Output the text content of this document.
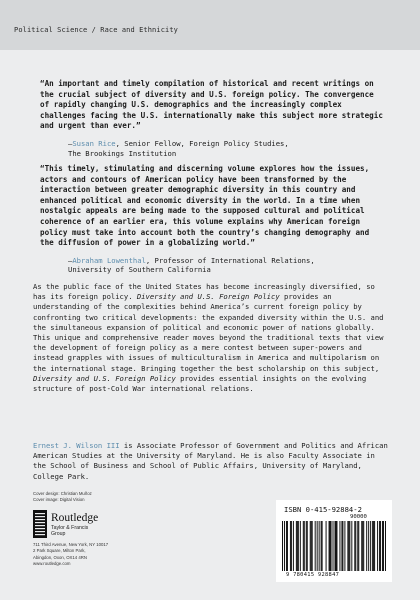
Political Science / Race and Ethnicity

“An important and timely compilation of historical and recent writings on the crucial subject of diversity and U.S. foreign policy. The convergence of rapidly changing U.S. demographics and the increasingly complex challenges facing the U.S. internationally make this subject more strategic and urgent than ever.”

—Susan Rice, Senior Fellow, Foreign Policy Studies,
The Brookings Institution

“This timely, stimulating and discerning volume explores how the issues, actors and contours of American policy have been transformed by the interaction between greater demographic diversity in this country and enhanced political and economic diversity in the world. In a time when nostalgic appeals are being made to the supposed cultural and political coherence of an earlier era, this volume explains why American foreign policy must take into account both the country’s changing demography and the diffusion of power in a globalizing world.”

—Abraham Lowenthal, Professor of International Relations,
University of Southern California

As the public face of the United States has become increasingly diversified, so has its foreign policy. Diversity and U.S. Foreign Policy provides an understanding of the complexities behind America’s current foreign policy by confronting two critical developments: the expanded diversity within the U.S. and the simultaneous expansion of political and economic power of nations globally. This unique and comprehensive reader moves beyond the traditional texts that view the development of foreign policy as a mere contest between super-powers and instead grapples with issues of multiculturalism in America and multipolarism on the international stage. Bringing together the best scholarship on this subject, Diversity and U.S. Foreign Policy provides essential insights on the evolving structure of post-Cold War international relations.

Ernest J. Wilson III is Associate Professor of Government and Politics and African American Studies at the University of Maryland. He is also Faculty Associate in the School of Business and School of Public Affairs, University of Maryland, College Park.

Cover design: Christian Muñoz
Cover image: Digital Vision
Routledge
Taylor & Francis Group
711 Third Avenue, New York, NY 10017
2 Park Square, Milton Park,
Abingdon, Oxon, OX14 4RN
www.routledge.com
ISBN 0-415-92884-2
90000
9 780415 928847
